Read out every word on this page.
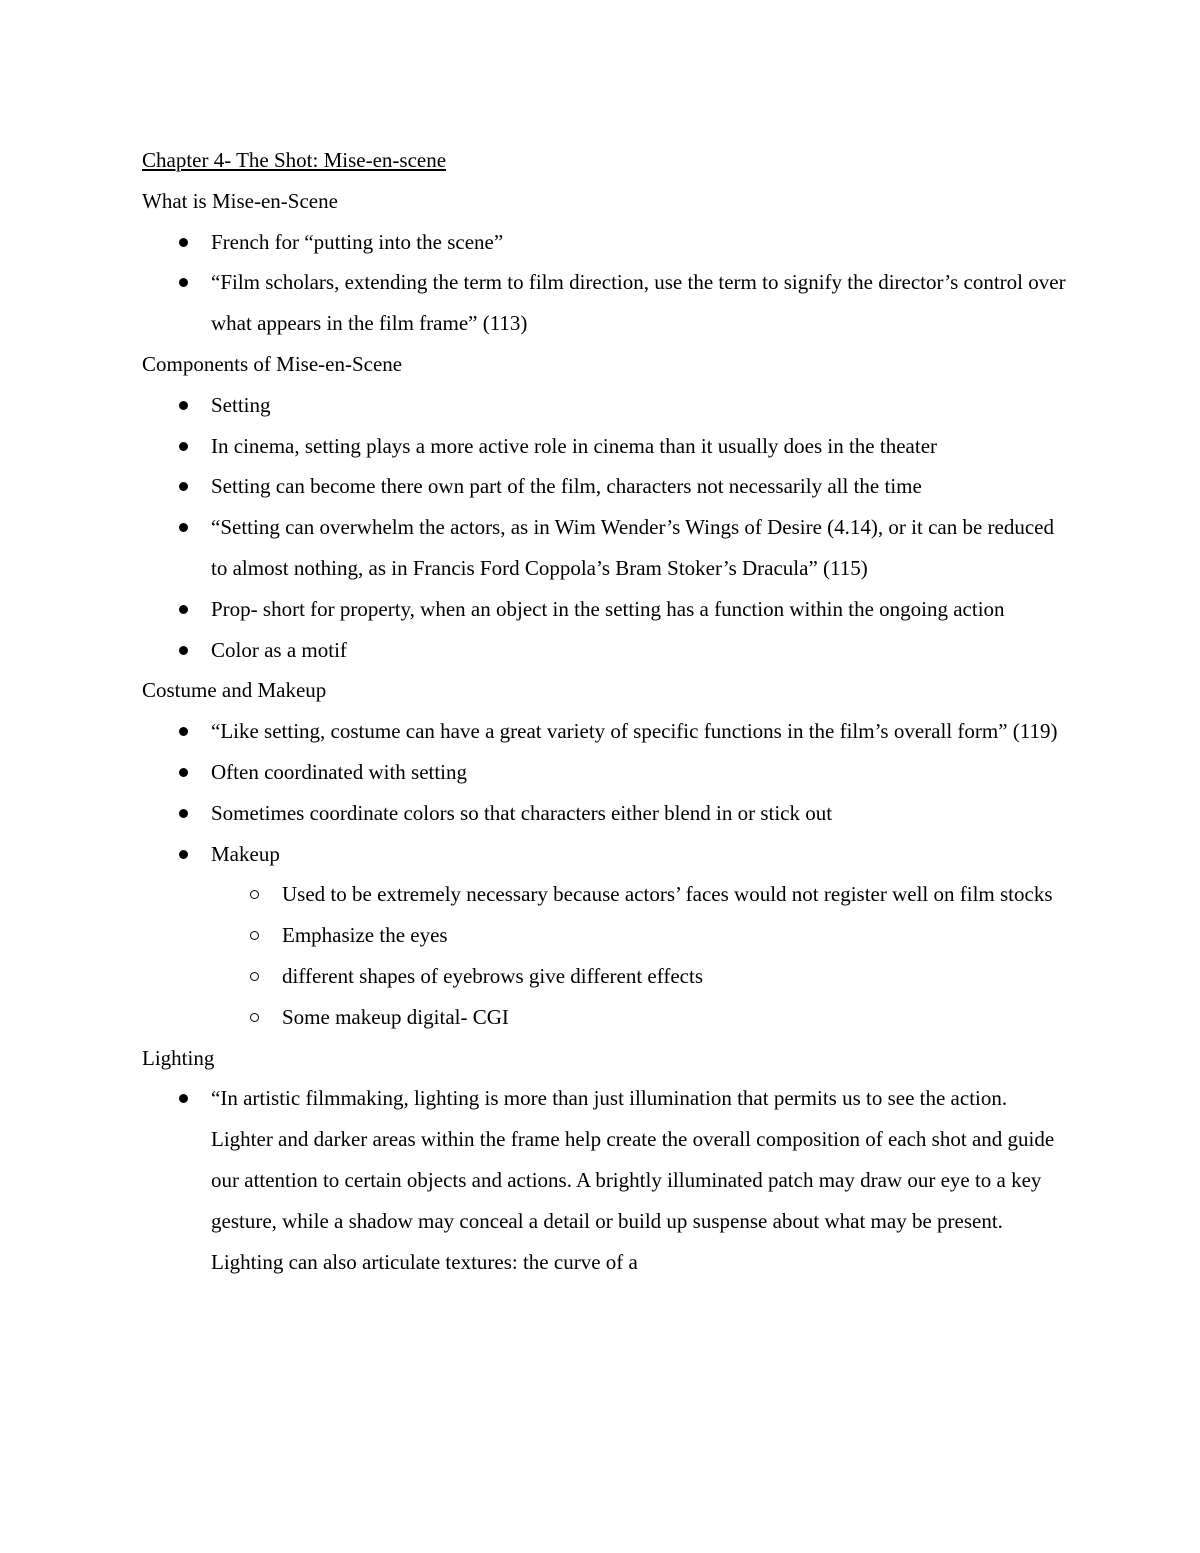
Chapter 4- The Shot: Mise-en-scene

What is Mise-en-Scene

French for “putting into the scene”
“Film scholars, extending the term to film direction, use the term to signify the director’s control over what appears in the film frame” (113)

Components of Mise-en-Scene

Setting
In cinema, setting plays a more active role in cinema than it usually does in the theater
Setting can become there own part of the film, characters not necessarily all the time
“Setting can overwhelm the actors, as in Wim Wender’s Wings of Desire (4.14), or it can be reduced to almost nothing, as in Francis Ford Coppola’s Bram Stoker’s Dracula” (115)
Prop- short for property, when an object in the setting has a function within the ongoing action
Color as a motif

Costume and Makeup

“Like setting, costume can have a great variety of specific functions in the film’s overall form” (119)
Often coordinated with setting
Sometimes coordinate colors so that characters either blend in or stick out
Makeup
Used to be extremely necessary because actors’ faces would not register well on film stocks
Emphasize the eyes
different shapes of eyebrows give different effects
Some makeup digital- CGI

Lighting

“In artistic filmmaking, lighting is more than just illumination that permits us to see the action. Lighter and darker areas within the frame help create the overall composition of each shot and guide our attention to certain objects and actions. A brightly illuminated patch may draw our eye to a key gesture, while a shadow may conceal a detail or build up suspense about what may be present. Lighting can also articulate textures: the curve of a
